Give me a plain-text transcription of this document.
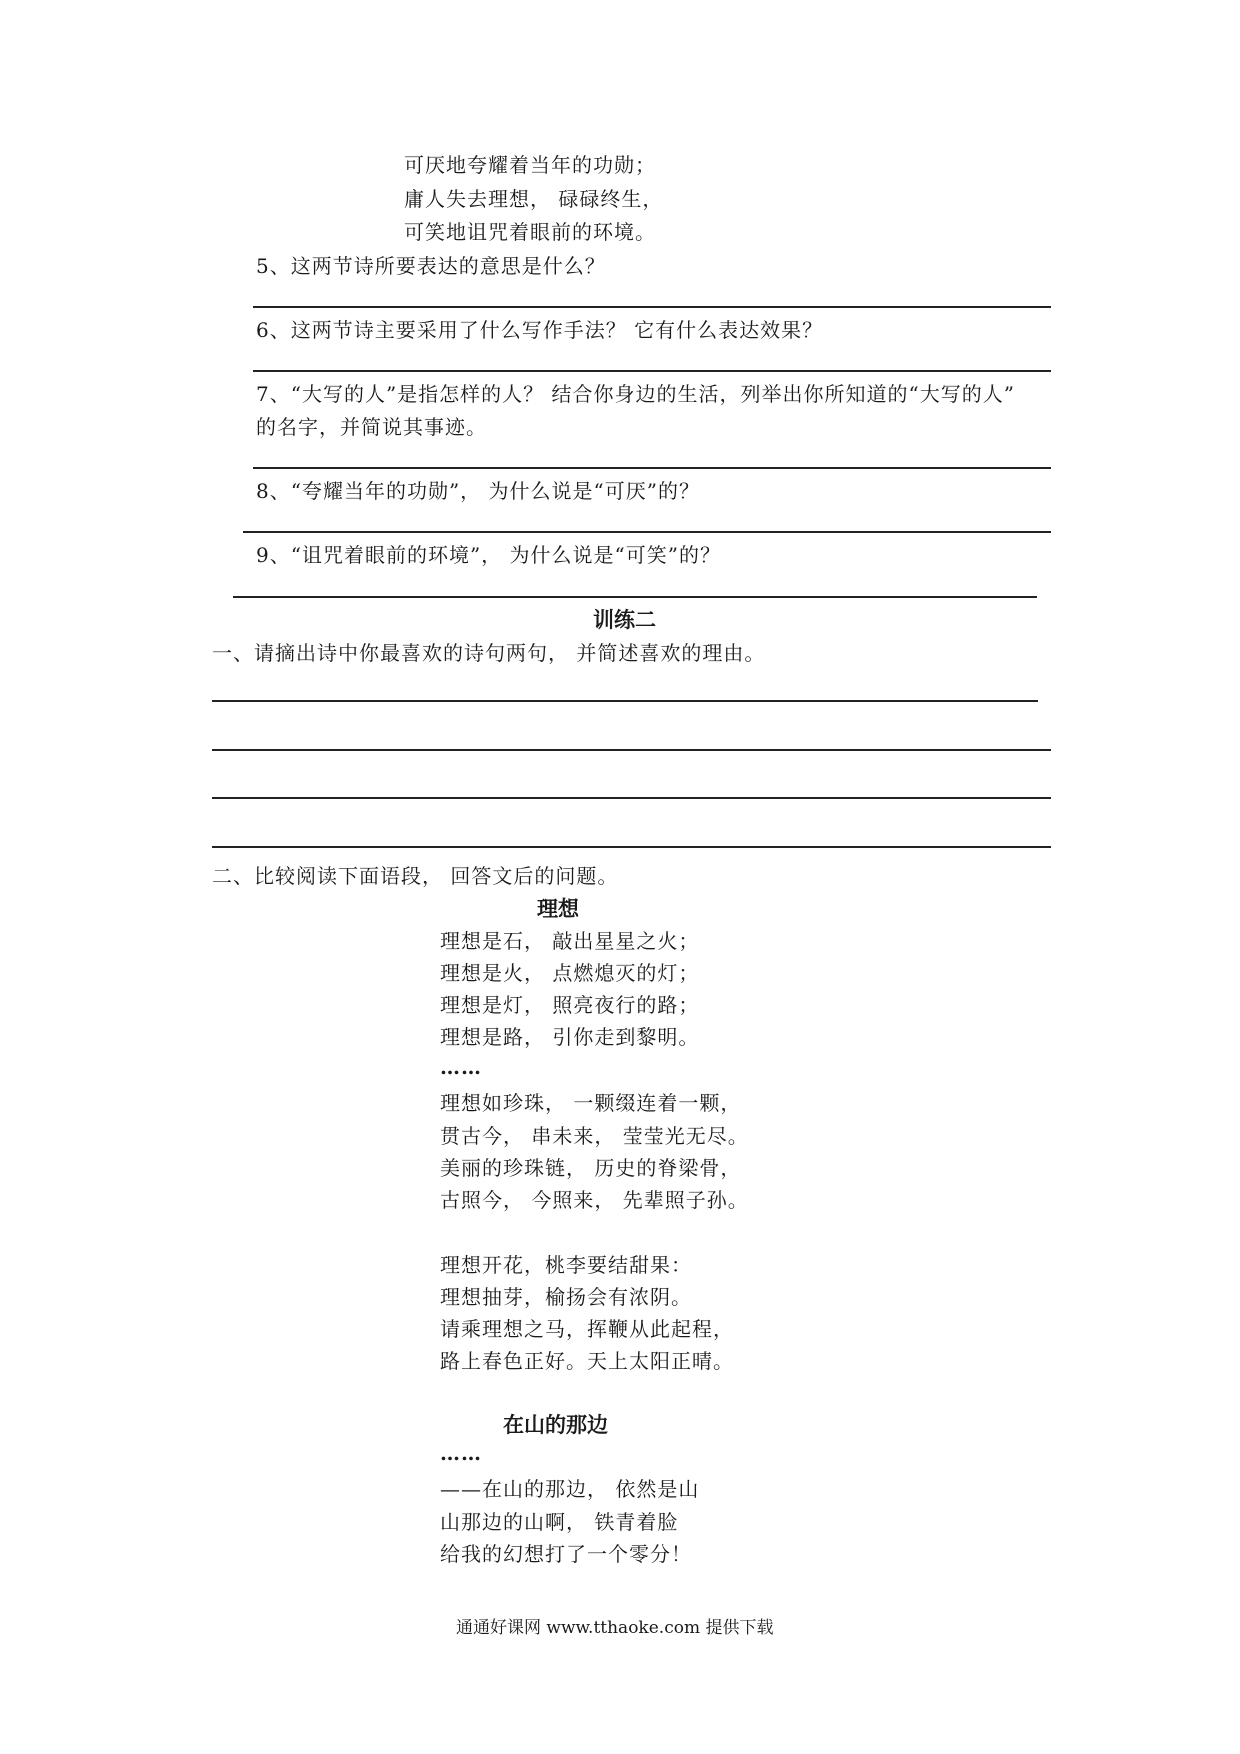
可厌地夸耀着当年的功勋；
庸人失去理想， 碌碌终生，
可笑地诅咒着眼前的环境。
5、这两节诗所要表达的意思是什么？
6、这两节诗主要采用了什么写作手法？ 它有什么表达效果？
7、“大写的人”是指怎样的人？ 结合你身边的生活，列举出你所知道的“大写的人”
的名字，并简说其事迹。
8、“夸耀当年的功勋”， 为什么说是“可厌”的？
9、“诅咒着眼前的环境”， 为什么说是“可笑”的？
训练二
一、请摘出诗中你最喜欢的诗句两句， 并简述喜欢的理由。
二、比较阅读下面语段， 回答文后的问题。
理想
理想是石， 敲出星星之火；
理想是火， 点燃熄灭的灯；
理想是灯， 照亮夜行的路；
理想是路， 引你走到黎明。
……
理想如珍珠， 一颗缀连着一颗，
贯古今， 串未来， 莹莹光无尽。
美丽的珍珠链， 历史的脊梁骨，
古照今， 今照来， 先辈照子孙。
理想开花，桃李要结甜果：
理想抽芽，榆扬会有浓阴。
请乘理想之马，挥鞭从此起程，
路上春色正好。天上太阳正晴。
在山的那边
……
——在山的那边， 依然是山
山那边的山啊， 铁青着脸
给我的幻想打了一个零分！
通通好课网 www.tthaoke.com 提供下载
